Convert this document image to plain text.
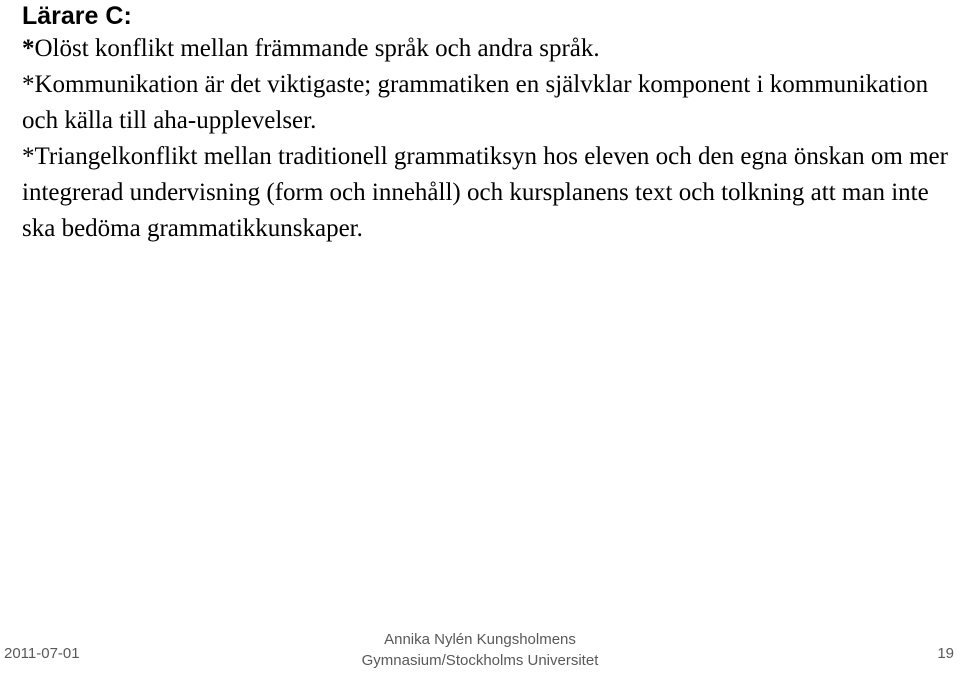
Lärare C:

*Olöst konflikt mellan främmande språk och andra språk.

*Kommunikation är det viktigaste; grammatiken en självklar komponent i kommunikation och källa till aha-upplevelser.

*Triangelkonflikt mellan traditionell grammatiksyn hos eleven och den egna önskan om mer integrerad undervisning (form och innehåll) och kursplanens text och tolkning att man inte ska bedöma grammatikkunskaper.

2011-07-01
Annika Nylén Kungsholmens
Gymnasium/Stockholms Universitet	19
